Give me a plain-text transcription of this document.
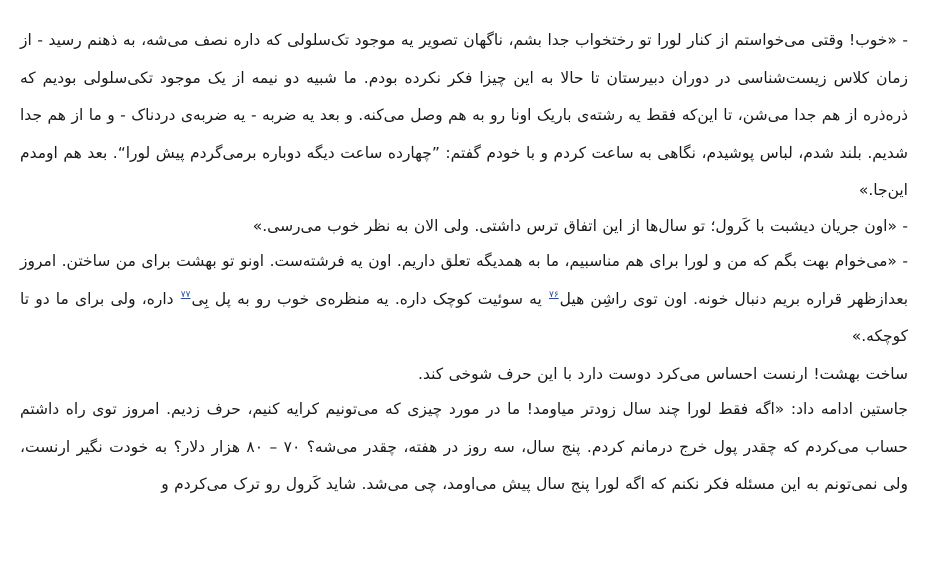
- «خوب! وقتی می‌خواستم از کنار لورا تو رختخواب جدا بشم، ناگهان تصویر یه موجود تک‌سلولی که داره نصف می‌شه، به ذهنم رسید - از زمان کلاس زیست‌شناسی در دوران دبیرستان تا حالا به این چیزا فکر نکرده بودم. ما شبیه دو نیمه از یک موجود تکی‌سلولی بودیم که ذره‌ذره از هم جدا می‌شن، تا این‌که فقط یه رشته‌ی باریک اونا رو به هم وصل می‌کنه. و بعد یه ضربه - یه ضربه‌ی دردناک - و ما از هم جدا شدیم. بلند شدم، لباس پوشیدم، نگاهی به ساعت کردم و با خودم گفتم: ”چهارده ساعت دیگه دوباره برمی‌گردم پیش لورا“. بعد هم اومدم این‌جا.»

- «اون جریان دیشبت با کَرول؛ تو سال‌ها از این اتفاق ترس داشتی. ولی الان به نظر خوب می‌رسی.»

- «می‌خوام بهت بگم که من و لورا برای هم مناسبیم، ما به همدیگه تعلق داریم. اون یه فرشته‌ست. اونو تو بهشت برای من ساختن. امروز بعدازظهر قراره بریم دنبال خونه. اون توی راشِن هیل$^{۷۶}$ یه سوئیت کوچک داره. یه منظره‌ی خوب رو به پل بِی$^{۷۷}$ داره، ولی برای ما دو تا کوچکه.»

ساخت بهشت! ارنست احساس می‌کرد دوست دارد با این حرف شوخی کند.

جاستین ادامه داد: «اگه فقط لورا چند سال زودتر میاومد! ما در مورد چیزی که می‌تونیم کرایه کنیم، حرف زدیم. امروز توی راه داشتم حساب می‌کردم که چقدر پول خرج درمانم کردم. پنج سال، سه روز در هفته، چقدر می‌شه؟ ۷۰ – ۸۰ هزار دلار؟ به خودت نگیر ارنست، ولی نمی‌تونم به این مسئله فکر نکنم که اگه لورا پنج سال پیش می‌اومد، چی می‌شد. شاید کَرول رو ترک می‌کردم و
